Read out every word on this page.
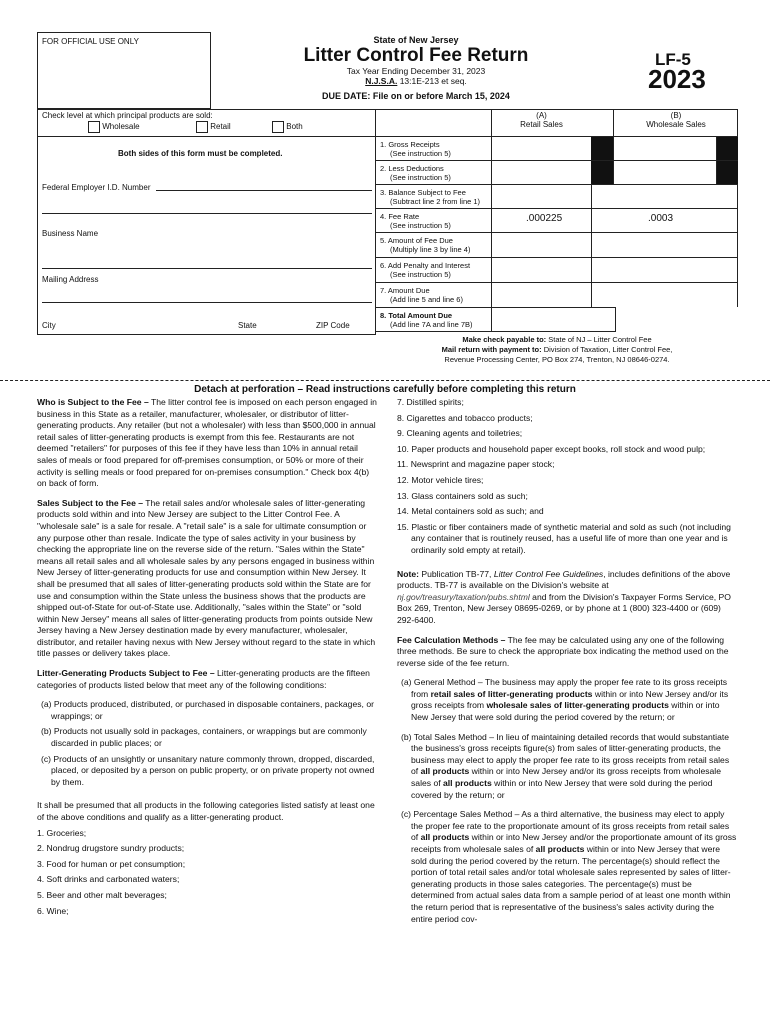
FOR OFFICIAL USE ONLY	State of New Jersey
Litter Control Fee Return
Tax Year Ending December 31, 2023
N.J.S.A. 13:1E-213 et seq.
DUE DATE: File on or before March 15, 2024
LF-5
2023
Check level at which principal products are sold:
Wholesale	Retail	Both
Both sides of this form must be completed.
Federal Employer I.D. Number
Business Name
Mailing Address
City	State	ZIP Code
(A)
Retail Sales
(B)
Wholesale Sales
1. Gross Receipts
(See instruction 5)
2. Less Deductions
(See instruction 5)
3. Balance Subject to Fee
(Subtract line 2 from line 1)
4. Fee Rate
(See instruction 5)
.000225	.0003
5. Amount of Fee Due
(Multiply line 3 by line 4)
6. Add Penalty and Interest
(See instruction 5)
7. Amount Due
(Add line 5 and line 6)
8. Total Amount Due
(Add line 7A and line 7B)
Make check payable to: State of NJ – Litter Control Fee
Mail return with payment to: Division of Taxation, Litter Control Fee,
Revenue Processing Center, PO Box 274, Trenton, NJ 08646-0274.
Detach at perforation – Read instructions carefully before completing this return

Who is Subject to the Fee – The litter control fee is imposed on each person engaged in business in this State as a retailer, manufacturer, wholesaler, or distributor of litter-generating products. Any retailer (but not a wholesaler) with less than $500,000 in annual retail sales of litter-generating products is exempt from this fee. Restaurants are not deemed "retailers" for purposes of this fee if they have less than 10% in annual retail sales of meals or food prepared for off-premises consumption, or 50% or more of their activity is selling meals or food prepared for on-premises consumption." Check box 4(b) on back of form.

Sales Subject to the Fee – The retail sales and/or wholesale sales of litter-generating products sold within and into New Jersey are subject to the Litter Control Fee. A "wholesale sale" is a sale for resale. A "retail sale" is a sale for ultimate consumption or any purpose other than resale. Indicate the type of sales activity in your business by checking the appropriate line on the reverse side of the return. "Sales within the State" means all retail sales and all wholesale sales by any persons engaged in business within New Jersey of litter-generating products for use and consumption within New Jersey. It shall be presumed that all sales of litter-generating products sold within the State are for use and consumption within the State unless the business shows that the products are shipped out-of-State for out-of-State use. Additionally, "sales within the State" or "sold within New Jersey" means all sales of litter-generating products from points outside New Jersey having a New Jersey destination made by every manufacturer, wholesaler, distributor, and retailer having nexus with New Jersey without regard to the state in which title passes or delivery takes place.

Litter-Generating Products Subject to Fee – Litter-generating products are the fifteen categories of products listed below that meet any of the following conditions:

(a) Products produced, distributed, or purchased in disposable containers, packages, or wrappings; or

(b) Products not usually sold in packages, containers, or wrappings but are commonly discarded in public places; or

(c) Products of an unsightly or unsanitary nature commonly thrown, dropped, discarded, placed, or deposited by a person on public property, or on private property not owned by them.

It shall be presumed that all products in the following categories listed satisfy at least one of the above conditions and qualify as a litter-generating product.

1. Groceries;
2. Nondrug drugstore sundry products;
3. Food for human or pet consumption;
4. Soft drinks and carbonated waters;
5. Beer and other malt beverages;
6. Wine;
7. Distilled spirits;
8. Cigarettes and tobacco products;
9. Cleaning agents and toiletries;
10. Paper products and household paper except books, roll stock and wood pulp;
11. Newsprint and magazine paper stock;
12. Motor vehicle tires;
13. Glass containers sold as such;
14. Metal containers sold as such; and
15. Plastic or fiber containers made of synthetic material and sold as such (not including any container that is routinely reused, has a useful life of more than one year and is ordinarily sold empty at retail).

Note: Publication TB-77, Litter Control Fee Guidelines, includes definitions of the above products. TB-77 is available on the Division's website at nj.gov/treasury/taxation/pubs.shtml and from the Division's Taxpayer Forms Service, PO Box 269, Trenton, New Jersey 08695-0269, or by phone at 1 (800) 323-4400 or (609) 292-6400.

Fee Calculation Methods – The fee may be calculated using any one of the following three methods. Be sure to check the appropriate box indicating the method used on the reverse side of the fee return.

(a) General Method – The business may apply the proper fee rate to its gross receipts from retail sales of litter-generating products within or into New Jersey and/or its gross receipts from wholesale sales of litter-generating products within or into New Jersey that were sold during the period covered by the return; or

(b) Total Sales Method – In lieu of maintaining detailed records that would substantiate the business's gross receipts figure(s) from sales of litter-generating products, the business may elect to apply the proper fee rate to its gross receipts from retail sales of all products within or into New Jersey and/or its gross receipts from wholesale sales of all products within or into New Jersey that were sold during the period covered by the return; or

(c) Percentage Sales Method – As a third alternative, the business may elect to apply the proper fee rate to the proportionate amount of its gross receipts from retail sales of all products within or into New Jersey and/or the proportionate amount of its gross receipts from wholesale sales of all products within or into New Jersey that were sold during the period covered by the return. The percentage(s) should reflect the portion of total retail sales and/or total wholesale sales represented by sales of litter-generating products in those sales categories. The percentage(s) must be determined from actual sales data from a sample period of at least one month within the return period that is representative of the business's sales activity during the entire period cov-
